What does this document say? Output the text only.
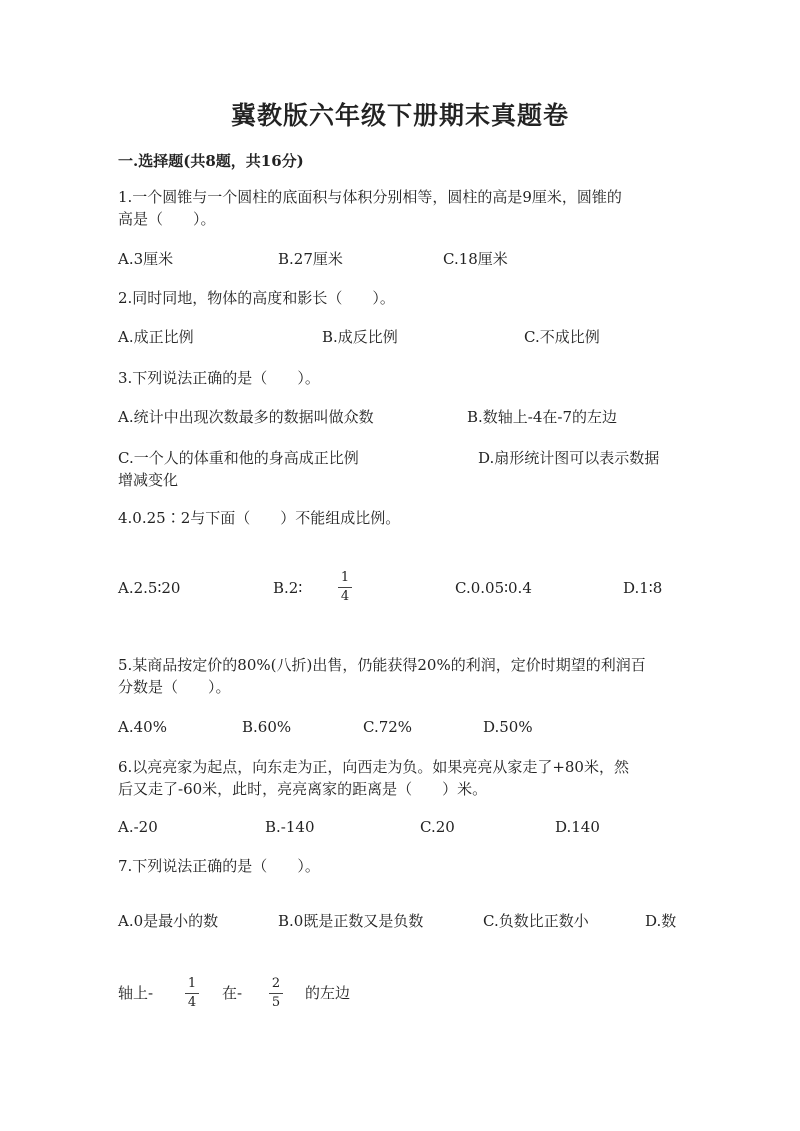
冀教版六年级下册期末真题卷
一.选择题(共8题，共16分)
1.一个圆锥与一个圆柱的底面积与体积分别相等，圆柱的高是9厘米，圆锥的
高是（　　）。
A.3厘米	B.27厘米	C.18厘米
2.同时同地，物体的高度和影长（　　）。
A.成正比例	B.成反比例	C.不成比例
3.下列说法正确的是（　　）。
A.统计中出现次数最多的数据叫做众数	B.数轴上-4在-7的左边
C.一个人的体重和他的身高成正比例	D.扇形统计图可以表示数据
增减变化
4.0.25∶2与下面（　　）不能组成比例。
A.2.5∶20	B.2∶
1
4	C.0.05∶0.4	D.1∶8
5.某商品按定价的80%(八折)出售，仍能获得20%的利润，定价时期望的利润百
分数是（　　）。
A.40%	B.60%	C.72%	D.50%
6.以亮亮家为起点，向东走为正，向西走为负。如果亮亮从家走了+80米，然
后又走了-60米，此时，亮亮离家的距离是（　　）米。
A.-20	B.-140	C.20	D.140
7.下列说法正确的是（　　）。
A.0是最小的数	B.0既是正数又是负数	C.负数比正数小	D.数
轴上-
1
4
在-
2
5
的左边
